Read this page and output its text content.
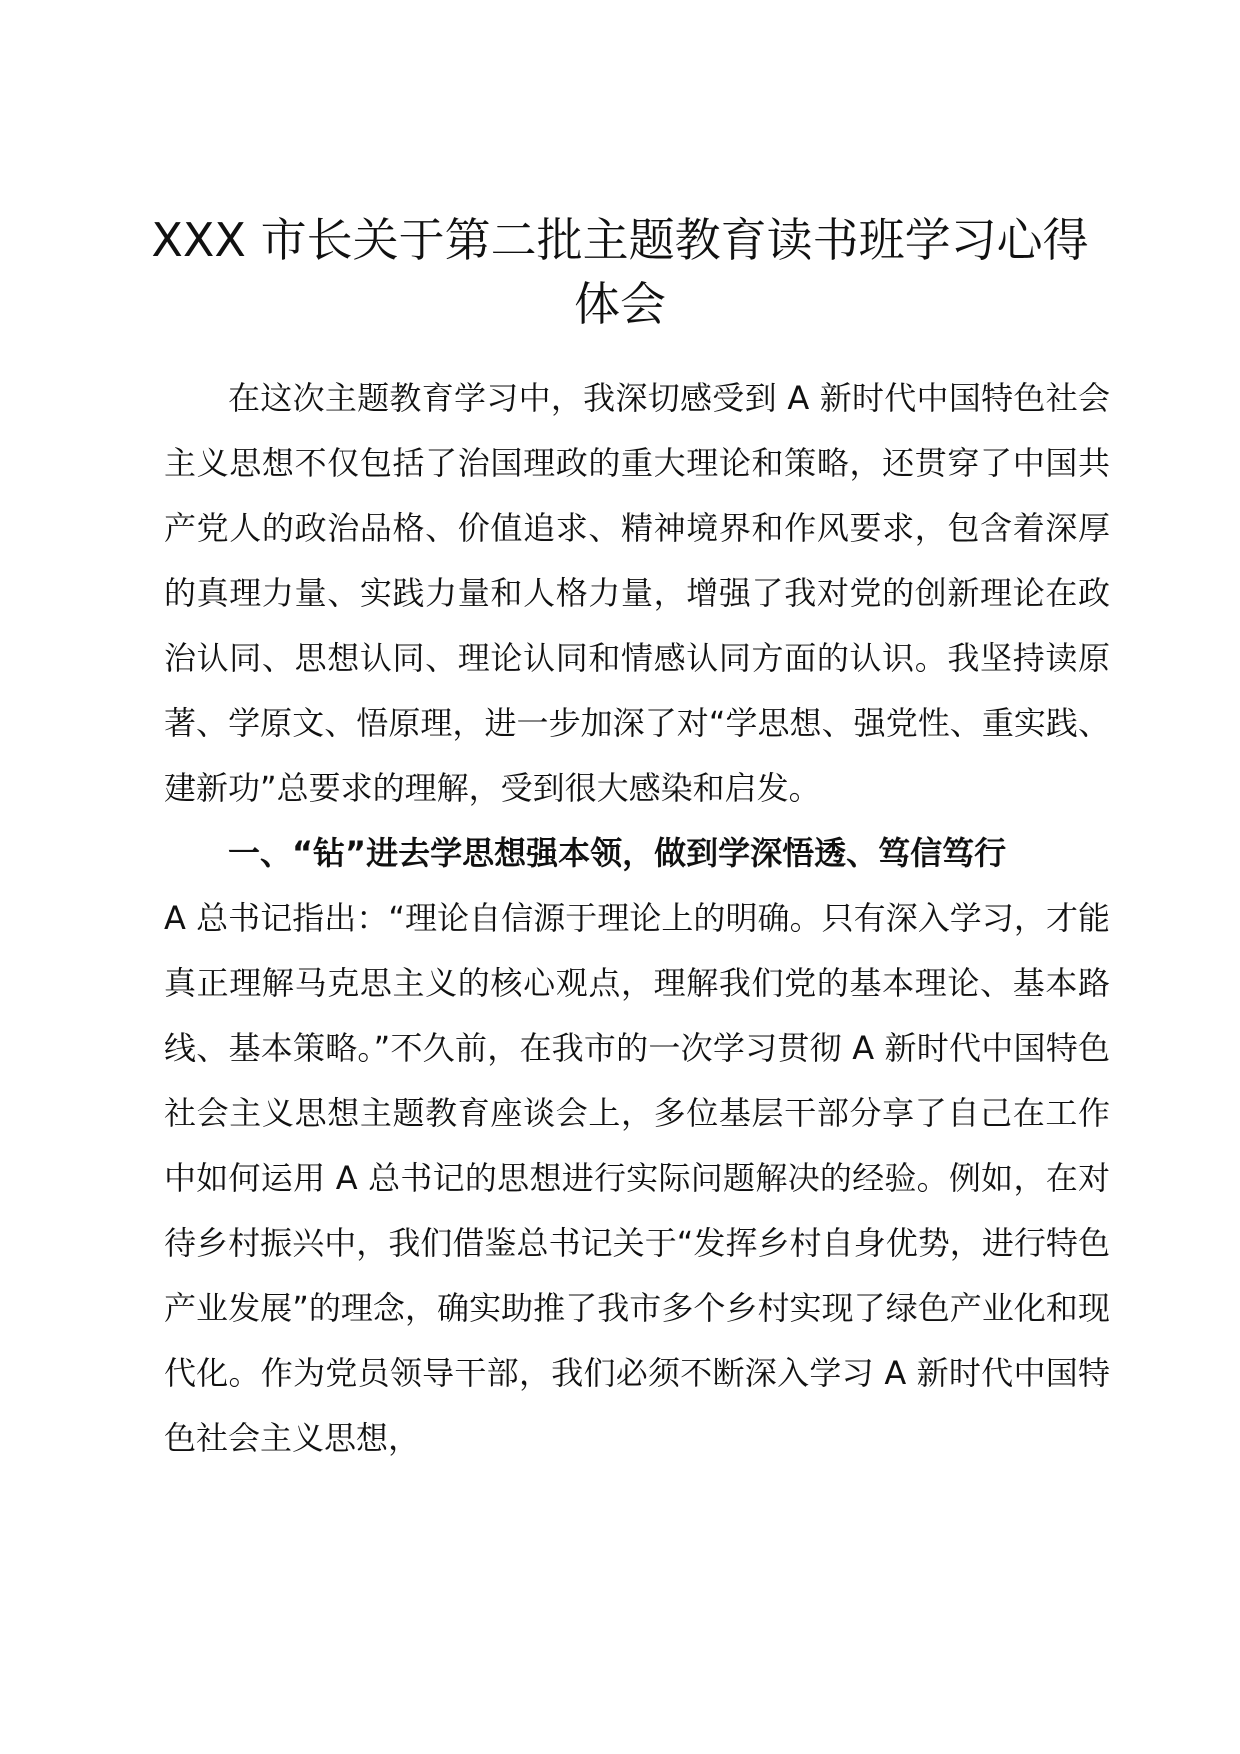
XXX 市长关于第二批主题教育读书班学习心得体会

在这次主题教育学习中，我深切感受到 A 新时代中国特色社会主义思想不仅包括了治国理政的重大理论和策略，还贯穿了中国共产党人的政治品格、价值追求、精神境界和作风要求，包含着深厚的真理力量、实践力量和人格力量，增强了我对党的创新理论在政治认同、思想认同、理论认同和情感认同方面的认识。我坚持读原著、学原文、悟原理，进一步加深了对“学思想、强党性、重实践、建新功”总要求的理解，受到很大感染和启发。

一、“钻”进去学思想强本领，做到学深悟透、笃信笃行

A 总书记指出：“理论自信源于理论上的明确。只有深入学习，才能真正理解马克思主义的核心观点，理解我们党的基本理论、基本路线、基本策略。”不久前，在我市的一次学习贯彻 A 新时代中国特色社会主义思想主题教育座谈会上，多位基层干部分享了自己在工作中如何运用 A 总书记的思想进行实际问题解决的经验。例如，在对待乡村振兴中，我们借鉴总书记关于“发挥乡村自身优势，进行特色产业发展”的理念，确实助推了我市多个乡村实现了绿色产业化和现代化。作为党员领导干部，我们必须不断深入学习 A 新时代中国特色社会主义思想，
